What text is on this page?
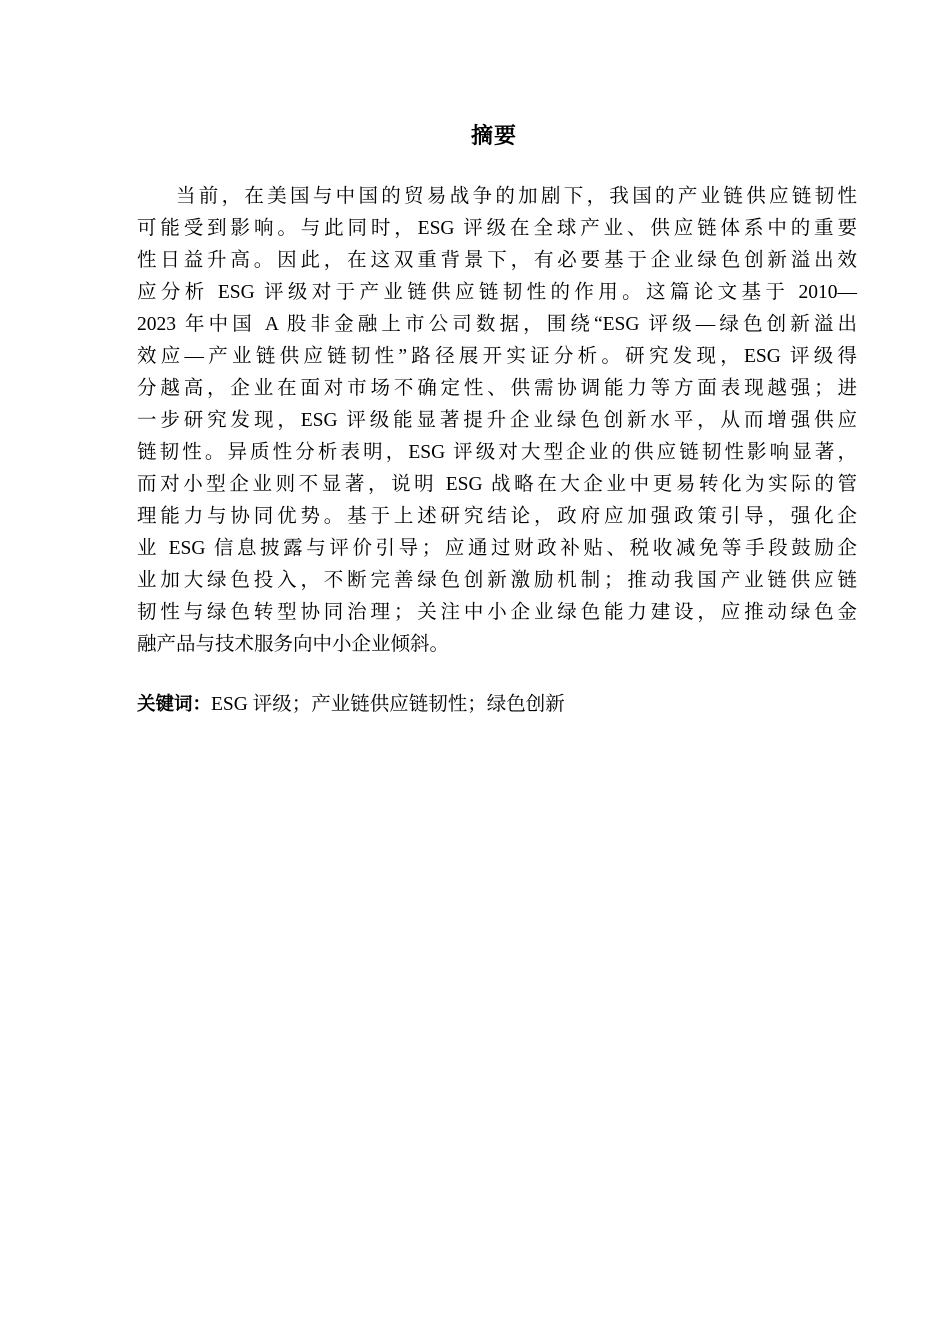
摘要
当前，在美国与中国的贸易战争的加剧下，我国的产业链供应链韧性
可能受到影响。与此同时，ESG 评级在全球产业、供应链体系中的重要
性日益升高。因此，在这双重背景下，有必要基于企业绿色创新溢出效
应分析 ESG 评级对于产业链供应链韧性的作用。这篇论文基于 2010—
2023 年中国 A 股非金融上市公司数据，围绕“ESG 评级—绿色创新溢出
效应—产业链供应链韧性”路径展开实证分析。研究发现，ESG 评级得
分越高，企业在面对市场不确定性、供需协调能力等方面表现越强；进
一步研究发现，ESG 评级能显著提升企业绿色创新水平，从而增强供应
链韧性。异质性分析表明，ESG 评级对大型企业的供应链韧性影响显著，
而对小型企业则不显著，说明 ESG 战略在大企业中更易转化为实际的管
理能力与协同优势。基于上述研究结论，政府应加强政策引导，强化企
业 ESG 信息披露与评价引导；应通过财政补贴、税收减免等手段鼓励企
业加大绿色投入，不断完善绿色创新激励机制；推动我国产业链供应链
韧性与绿色转型协同治理；关注中小企业绿色能力建设，应推动绿色金
融产品与技术服务向中小企业倾斜。
关键词：ESG 评级；产业链供应链韧性；绿色创新
